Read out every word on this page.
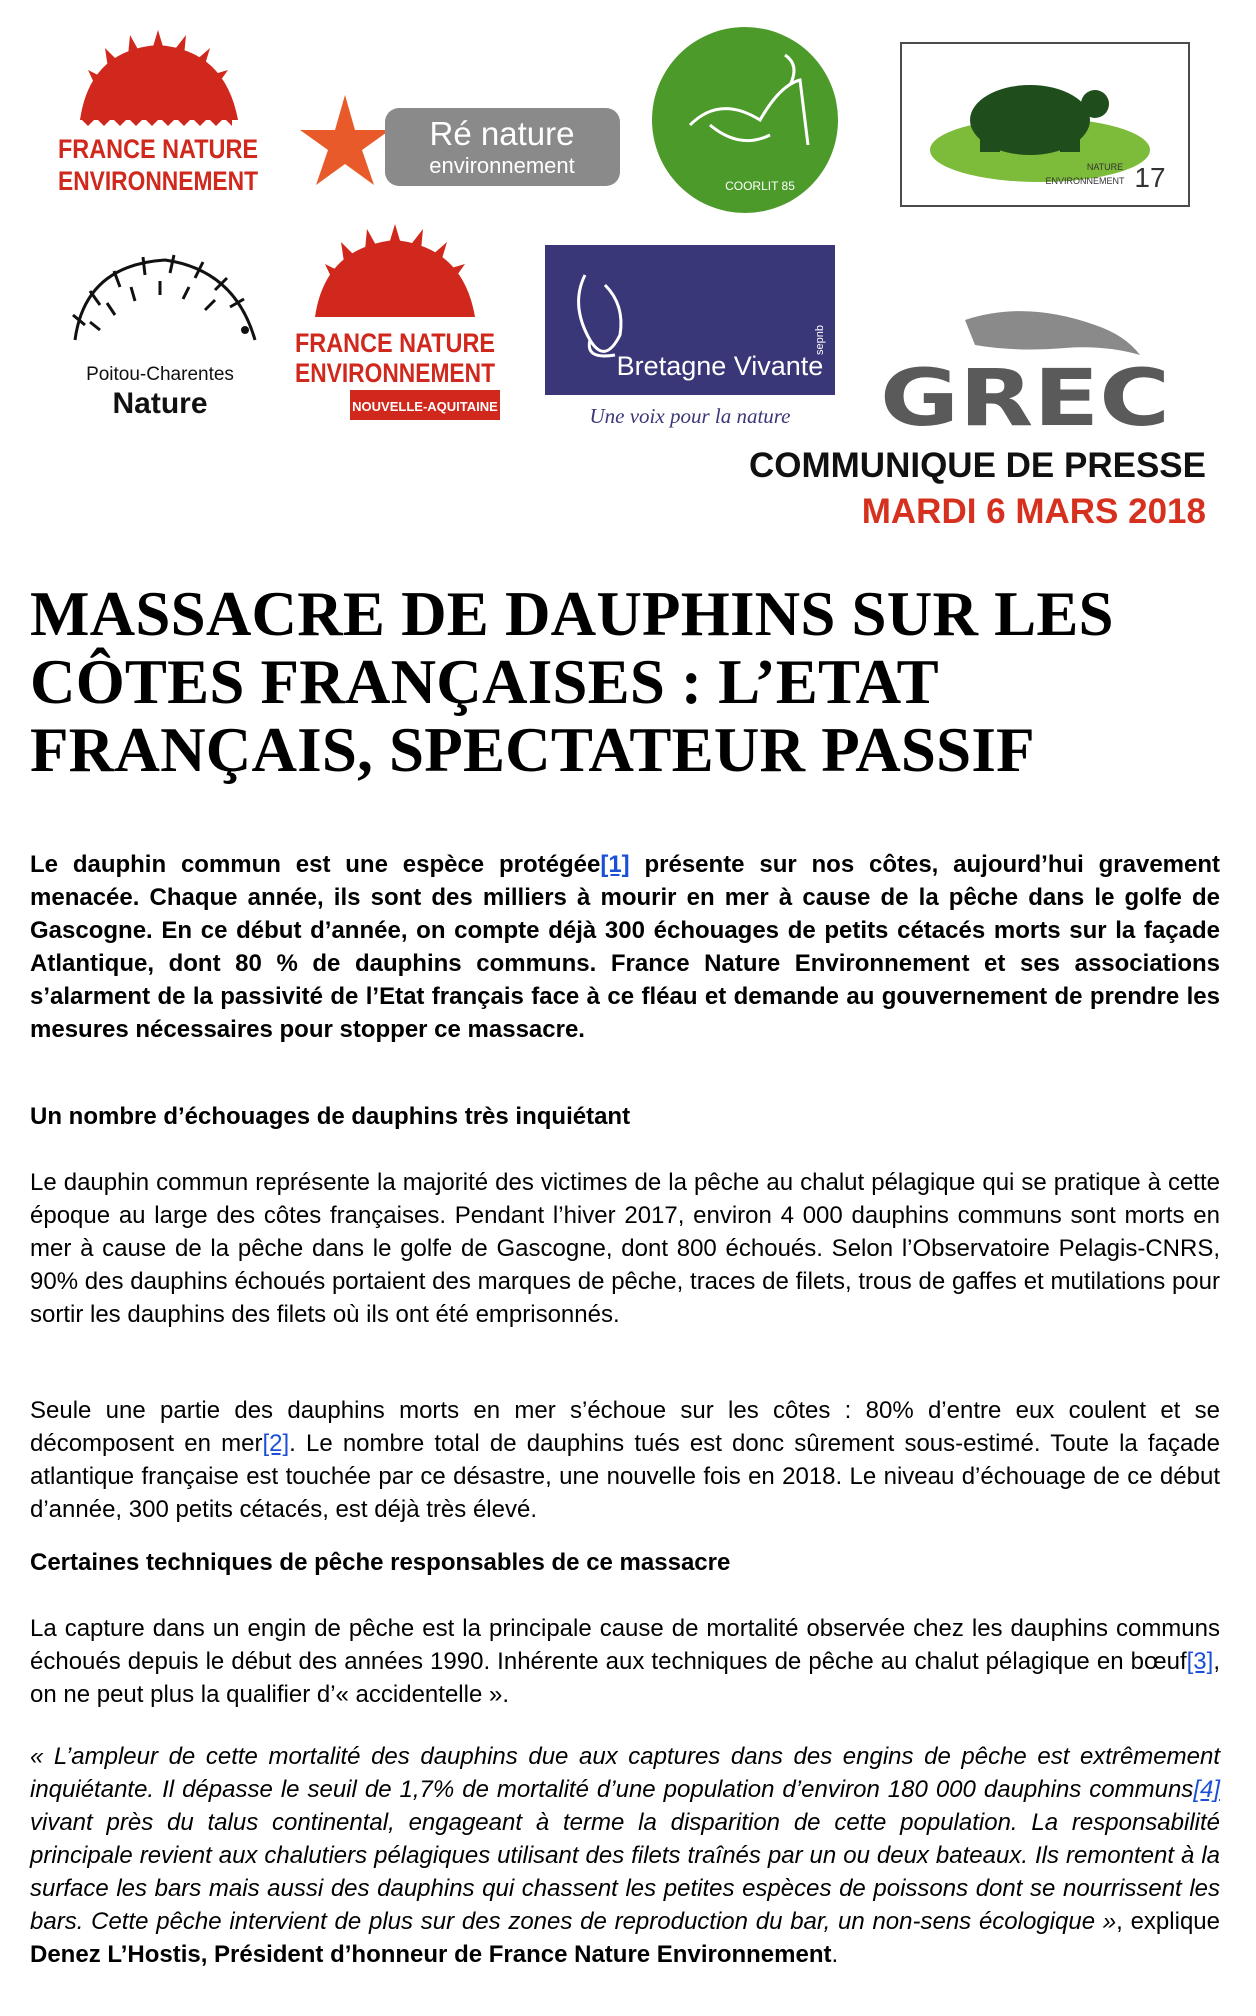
FRANCE NATURE
ENVIRONNEMENT
Ré nature
environnement
COORLIT 85
NATURE
ENVIRONNEMENT 17
Poitou-Charentes
Nature
FRANCE NATURE
ENVIRONNEMENT
NOUVELLE-AQUITAINE
Bretagne Vivante
sepnb
Une voix pour la nature GREC
COMMUNIQUE DE PRESSE
MARDI 6 MARS 2018
MASSACRE DE DAUPHINS SUR LES CÔTES FRANÇAISES : L’ETAT FRANÇAIS, SPECTATEUR PASSIF

Le dauphin commun est une espèce protégée[1] présente sur nos côtes, aujourd’hui gravement menacée. Chaque année, ils sont des milliers à mourir en mer à cause de la pêche dans le golfe de Gascogne. En ce début d’année, on compte déjà 300 échouages de petits cétacés morts sur la façade Atlantique, dont 80 % de dauphins communs. France Nature Environnement et ses associations s’alarment de la passivité de l’Etat français face à ce fléau et demande au gouvernement de prendre les mesures nécessaires pour stopper ce massacre.

Un nombre d’échouages de dauphins très inquiétant

Le dauphin commun représente la majorité des victimes de la pêche au chalut pélagique qui se pratique à cette époque au large des côtes françaises. Pendant l’hiver 2017, environ 4 000 dauphins communs sont morts en mer à cause de la pêche dans le golfe de Gascogne, dont 800 échoués. Selon l’Observatoire Pelagis-CNRS, 90% des dauphins échoués portaient des marques de pêche, traces de filets, trous de gaffes et mutilations pour sortir les dauphins des filets où ils ont été emprisonnés.

Seule une partie des dauphins morts en mer s’échoue sur les côtes : 80% d’entre eux coulent et se décomposent en mer[2]. Le nombre total de dauphins tués est donc sûrement sous-estimé. Toute la façade atlantique française est touchée par ce désastre, une nouvelle fois en 2018. Le niveau d’échouage de ce début d’année, 300 petits cétacés, est déjà très élevé.

Certaines techniques de pêche responsables de ce massacre

La capture dans un engin de pêche est la principale cause de mortalité observée chez les dauphins communs échoués depuis le début des années 1990. Inhérente aux techniques de pêche au chalut pélagique en bœuf[3], on ne peut plus la qualifier d’« accidentelle ».

« L’ampleur de cette mortalité des dauphins due aux captures dans des engins de pêche est extrêmement inquiétante. Il dépasse le seuil de 1,7% de mortalité d’une population d’environ 180 000 dauphins communs[4] vivant près du talus continental, engageant à terme la disparition de cette population. La responsabilité principale revient aux chalutiers pélagiques utilisant des filets traînés par un ou deux bateaux. Ils remontent à la surface les bars mais aussi des dauphins qui chassent les petites espèces de poissons dont se nourrissent les bars. Cette pêche intervient de plus sur des zones de reproduction du bar, un non-sens écologique », explique Denez L’Hostis, Président d’honneur de France Nature Environnement.
